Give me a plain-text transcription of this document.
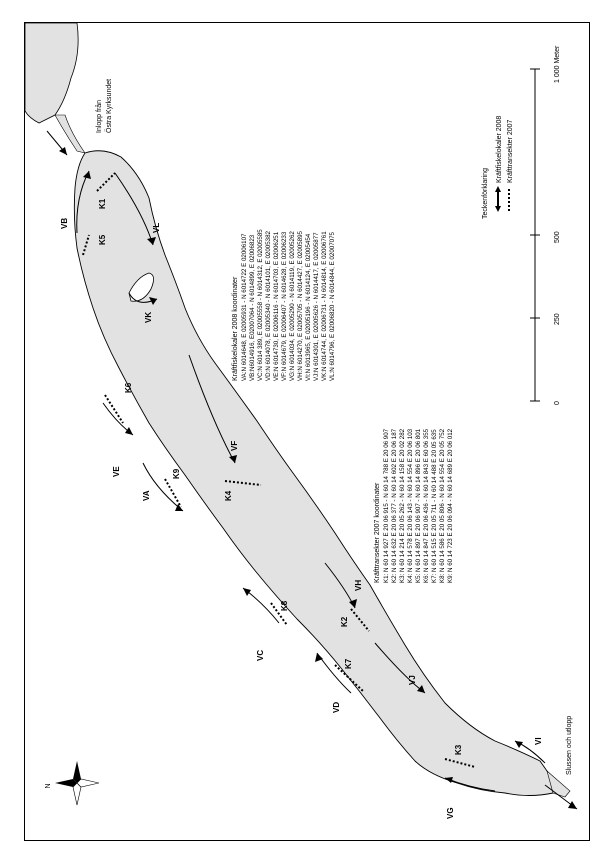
K1
K2
K3
K4
K5
K6
K7
K8
K9
VA
VB
VC
VD
VE
VF
VG
VH
VI
VJ
VK
VL
Inlopp från Östra Kyrksundet
Slussen och utlopp
1 000 Meter
0
250
500
Teckenförklaring
Kräftfiskelokaler 2008 Kräfttransekter 2007
Kräftfiskelokaler 2008 koordinater VA:N 6014648, E 02005931 - N 6014722 E 02006107 VB:N6014916, E02007064 - N 6014899, E 02006823 VC:N 6014 389, E 02005558 - N 6014312, E 02005585 VD:N 6014078, E 02005340 - N 6014101, E 02005382 VE:N 6014730, E 02006116 - N 6014703, E 02006251 VF:N 6014679, E 02006407 - N 6014628, E 02006233 VG:N 6014034, E 02005290 - N 6014119, E 02005262 VH:N 6014270, E 02005705 - N 6014427, E 02005895 VI:N 6013965, E 02005196 - N 6014124, E 02005454 VJ:N 6014301, E 02005626 - N 6014417, E 02005877 VK:N 6014744, E 02006731 - N 6014814, E 02006761 VL:N 6014796, E 02006820 - N 6014844, E 02007075
Kräfttransekter 2007 koordinater K1: N 60 14 927 E 20 06 915 - N 60 14 788 E 20 06 907 K2: N 60 14 632 E 20 06 377 - N 60 14 602 E 20 06 187 K3: N 60 14 214 E 20 05 262 - N 60 14 158 E 20 02 282 K4: N 60 14 578 E 20 06 143 - N 60 14 554 E 20 06 103 K5: N 60 14 897 E 20 06 907 - N 60 14 896 E 20 06 801 K6: N 60 14 847 E 20 06 436 - N 60 14 843 E 60 06 355 K7: N 60 14 515 E 20 05 711 - N 60 14 488 E 20 05 635 K8: N 60 14 586 E 20 05 806 - N 60 14 554 E 20 05 752 K9: N 60 14 723 E 20 06 094 - N 60 14 689 E 20 06 012
N
